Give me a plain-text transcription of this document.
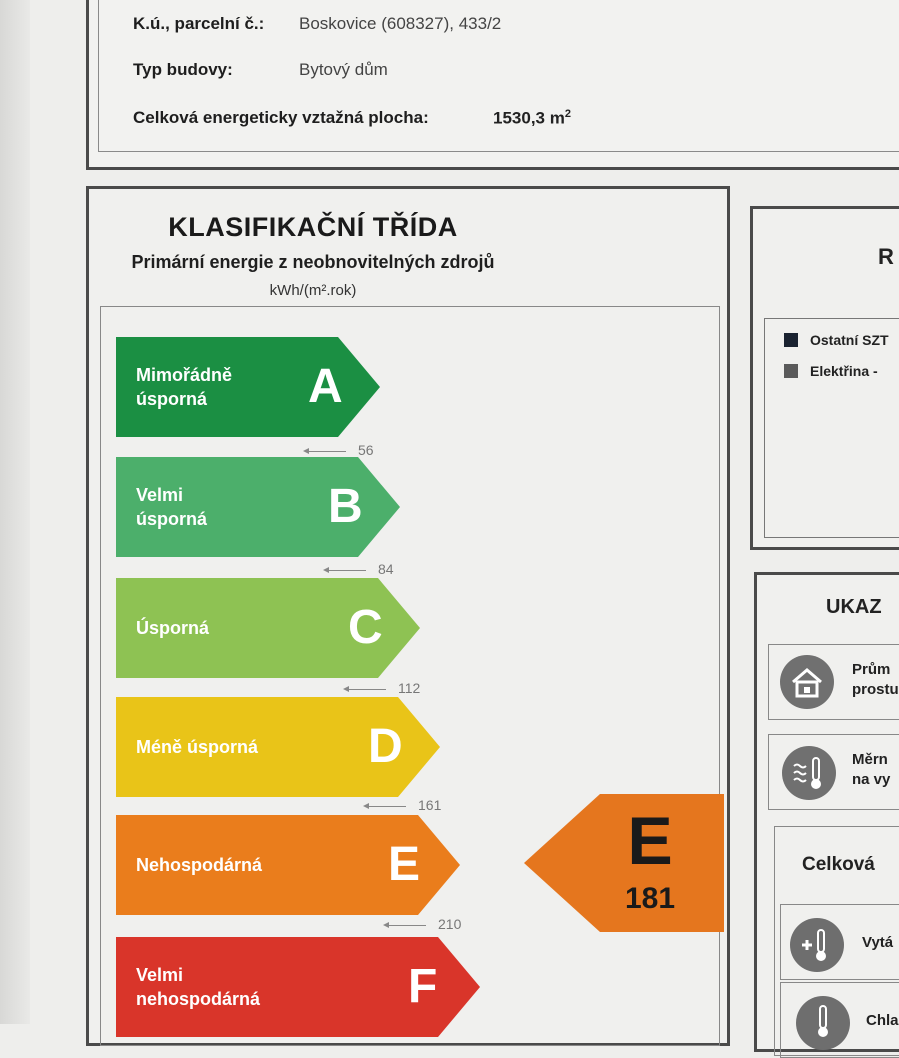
K.ú., parcelní č.: Boskovice (608327), 433/2
Typ budovy:	Bytový dům
Celková energeticky vztažná plocha:	1530,3 $m^2$
KLASIFIKAČNÍ TŘÍDA
Primární energie z neobnovitelných zdrojů
kWh/(m².rok)
Mimořádně
úsporná	A
Velmi
úsporná	B
Úsporná	C
Méně úsporná D
Nehospodárná	E
Velmi
nehospodárná	F
56
84
112
161
210
E
181
R
Ostatní SZT
Elektřina -
UKAZ
Prům
prostu
Měrn
na vy
Celková
Vytá
Chla
